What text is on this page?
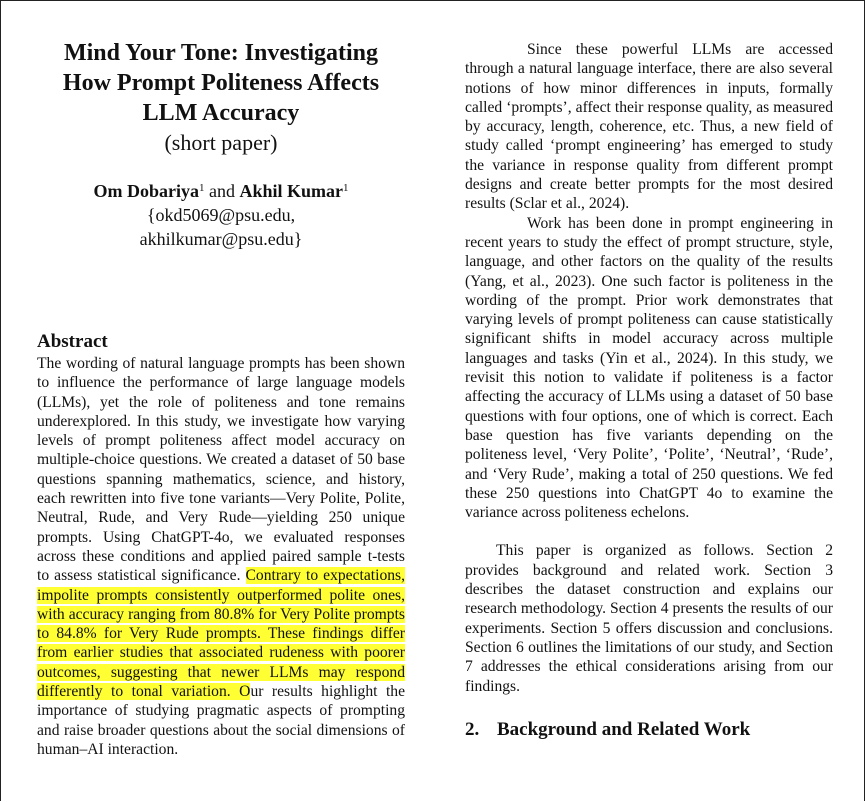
Mind Your Tone: Investigating

How Prompt Politeness Affects

LLM Accuracy

(short paper)

Om Dobariya$^1$ and Akhil Kumar$^1$
{okd5069@psu.edu,
akhilkumar@psu.edu}
Abstract

The wording of natural language prompts has been shown to influence the performance of large language models (LLMs), yet the role of politeness and tone remains underexplored. In this study, we investigate how varying levels of prompt politeness affect model accuracy on multiple-choice questions. We created a dataset of 50 base questions spanning mathematics, science, and history, each rewritten into five tone variants—Very Polite, Polite, Neutral, Rude, and Very Rude—yielding 250 unique prompts. Using ChatGPT-4o, we evaluated responses across these conditions and applied paired sample t-tests to assess statistical significance. Contrary to expectations, impolite prompts consistently outperformed polite ones, with accuracy ranging from 80.8% for Very Polite prompts to 84.8% for Very Rude prompts. These findings differ from earlier studies that associated rudeness with poorer outcomes, suggesting that newer LLMs may respond differently to tonal variation. Our results highlight the importance of studying pragmatic aspects of prompting and raise broader questions about the social dimensions of human–AI interaction.

Since these powerful LLMs are accessed through a natural language interface, there are also several notions of how minor differences in inputs, formally called ‘prompts’, affect their response quality, as measured by accuracy, length, coherence, etc. Thus, a new field of study called ‘prompt engineering’ has emerged to study the variance in response quality from different prompt designs and create better prompts for the most desired results (Sclar et al., 2024).

Work has been done in prompt engineering in recent years to study the effect of prompt structure, style, language, and other factors on the quality of the results (Yang, et al., 2023). One such factor is politeness in the wording of the prompt. Prior work demonstrates that varying levels of prompt politeness can cause statistically significant shifts in model accuracy across multiple languages and tasks (Yin et al., 2024). In this study, we revisit this notion to validate if politeness is a factor affecting the accuracy of LLMs using a dataset of 50 base questions with four options, one of which is correct. Each base question has five variants depending on the politeness level, ‘Very Polite’, ‘Polite’, ‘Neutral’, ‘Rude’, and ‘Very Rude’, making a total of 250 questions. We fed these 250 questions into ChatGPT 4o to examine the variance across politeness echelons.

This paper is organized as follows. Section 2 provides background and related work. Section 3 describes the dataset construction and explains our research methodology. Section 4 presents the results of our experiments. Section 5 offers discussion and conclusions. Section 6 outlines the limitations of our study, and Section 7 addresses the ethical considerations arising from our findings.

2. Background and Related Work
